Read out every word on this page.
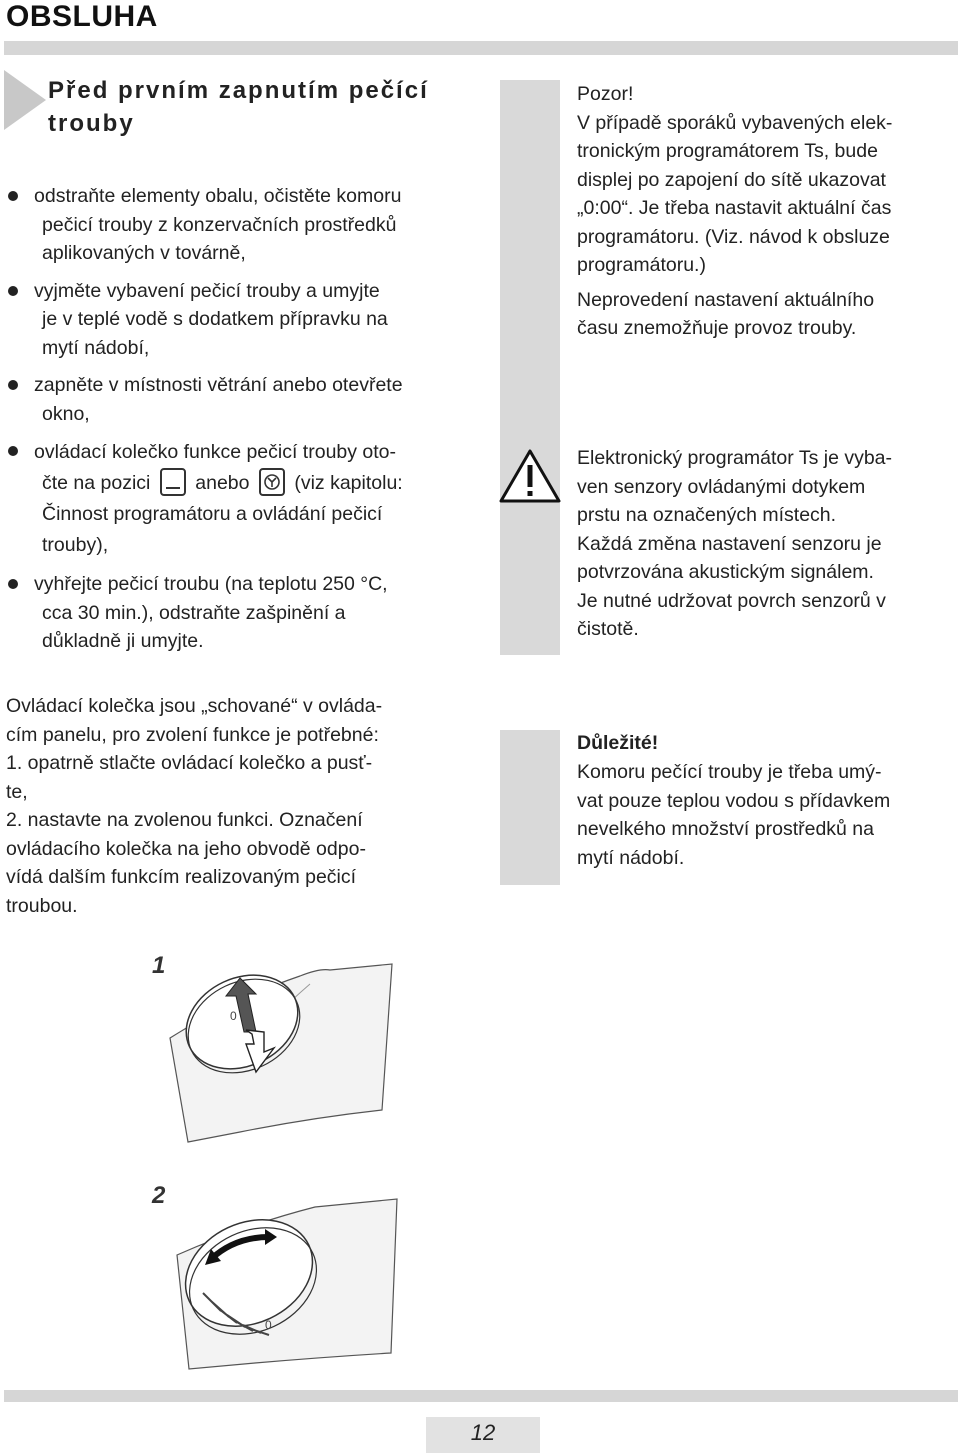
OBSLUHA
Před prvním zapnutím pečící
trouby
odstraňte elementy obalu, očistěte komoru

pečicí trouby z konzervačních prostředků
aplikovaných v továrně,
vyjměte vybavení pečicí trouby a umyjte

je v teplé vodě s dodatkem přípravku na
mytí nádobí,
zapněte v místnosti větrání anebo otevřete

okno,
ovládací kolečko funkce pečicí trouby oto-

čte na pozici anebo (viz kapitolu:
Činnost programátoru a ovládání pečicí
trouby),
vyhřejte pečicí troubu (na teplotu 250 °C,

cca 30 min.), odstraňte zašpinění a
důkladně ji umyjte.
Pozor!
V případě sporáků vybavených elek-
tronickým programátorem Ts, bude
displej po zapojení do sítě ukazovat
„0:00“. Je třeba nastavit aktuální čas
programátoru. (Viz. návod k obsluze
programátoru.)
Neprovedení nastavení aktuálního
času znemožňuje provoz trouby.
Elektronický programátor Ts je vyba-
ven senzory ovládanými dotykem
prstu na označených místech.
Každá změna nastavení senzoru je
potvrzována akustickým signálem.
Je nutné udržovat povrch senzorů v
čistotě.

Ovládací kolečka jsou „schované“ v ovláda-

cím panelu, pro zvolení funkce je potřebné:

1. opatrně stlačte ovládací kolečko a pusť-

te,

2. nastavte na zvolenou funkci. Označení

ovládacího kolečka na jeho obvodě odpo-

vídá dalším funkcím realizovaným pečicí

troubou.

Důležité!
Komoru pečící trouby je třeba umý-
vat pouze teplou vodou s přídavkem
nevelkého množství prostředků na
mytí nádobí.
1
0
2
0
12
